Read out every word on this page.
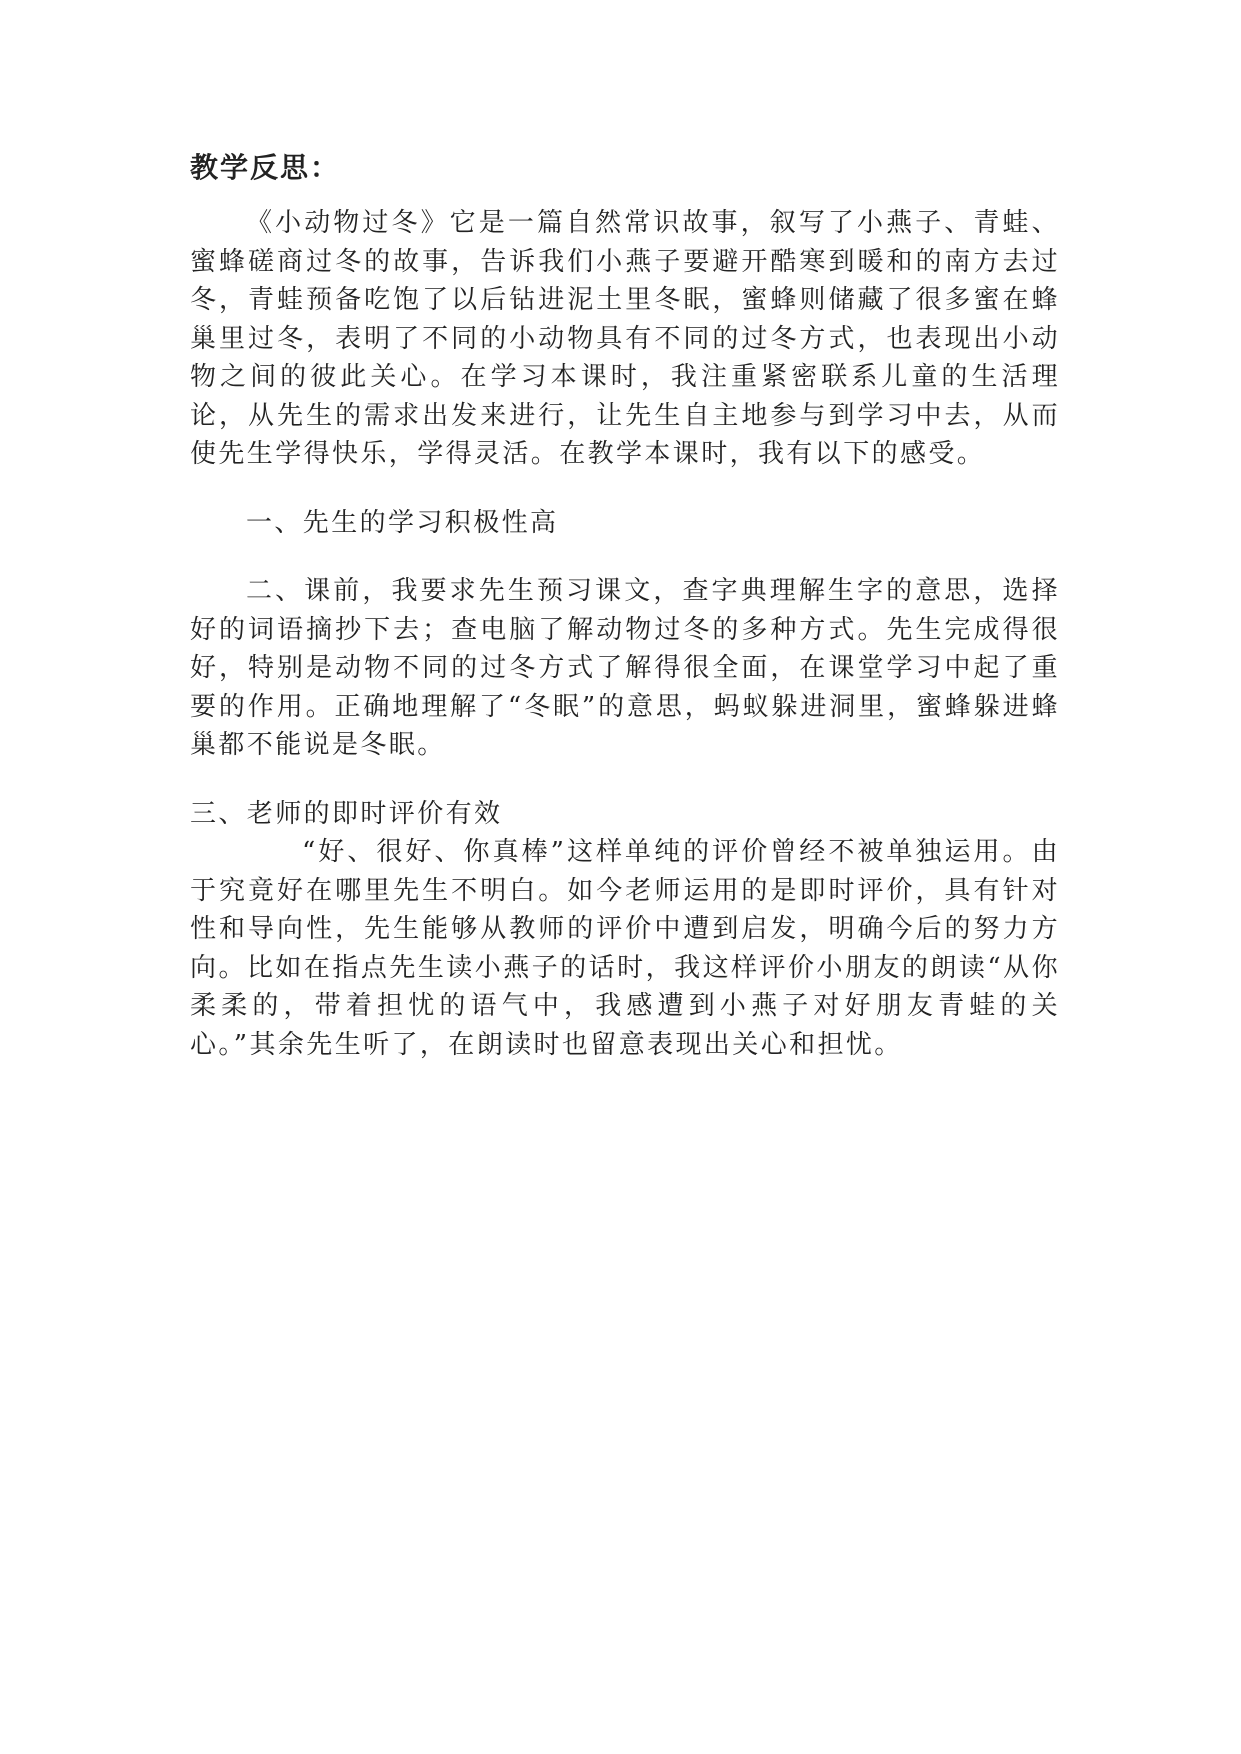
教学反思：

《小动物过冬》它是一篇自然常识故事，叙写了小燕子、青蛙、蜜蜂磋商过冬的故事，告诉我们小燕子要避开酷寒到暖和的南方去过冬，青蛙预备吃饱了以后钻进泥土里冬眠，蜜蜂则储藏了很多蜜在蜂巢里过冬，表明了不同的小动物具有不同的过冬方式，也表现出小动物之间的彼此关心。在学习本课时，我注重紧密联系儿童的生活理论，从先生的需求出发来进行，让先生自主地参与到学习中去，从而使先生学得快乐，学得灵活。在教学本课时，我有以下的感受。

一、先生的学习积极性高

二、课前，我要求先生预习课文，查字典理解生字的意思，选择好的词语摘抄下去；查电脑了解动物过冬的多种方式。先生完成得很好，特别是动物不同的过冬方式了解得很全面，在课堂学习中起了重要的作用。正确地理解了“冬眠”的意思，蚂蚁躲进洞里，蜜蜂躲进蜂巢都不能说是冬眠。

三、老师的即时评价有效

“好、很好、你真棒”这样单纯的评价曾经不被单独运用。由于究竟好在哪里先生不明白。如今老师运用的是即时评价，具有针对性和导向性，先生能够从教师的评价中遭到启发，明确今后的努力方向。比如在指点先生读小燕子的话时，我这样评价小朋友的朗读“从你柔柔的，带着担忧的语气中，我感遭到小燕子对好朋友青蛙的关心。”其余先生听了，在朗读时也留意表现出关心和担忧。
